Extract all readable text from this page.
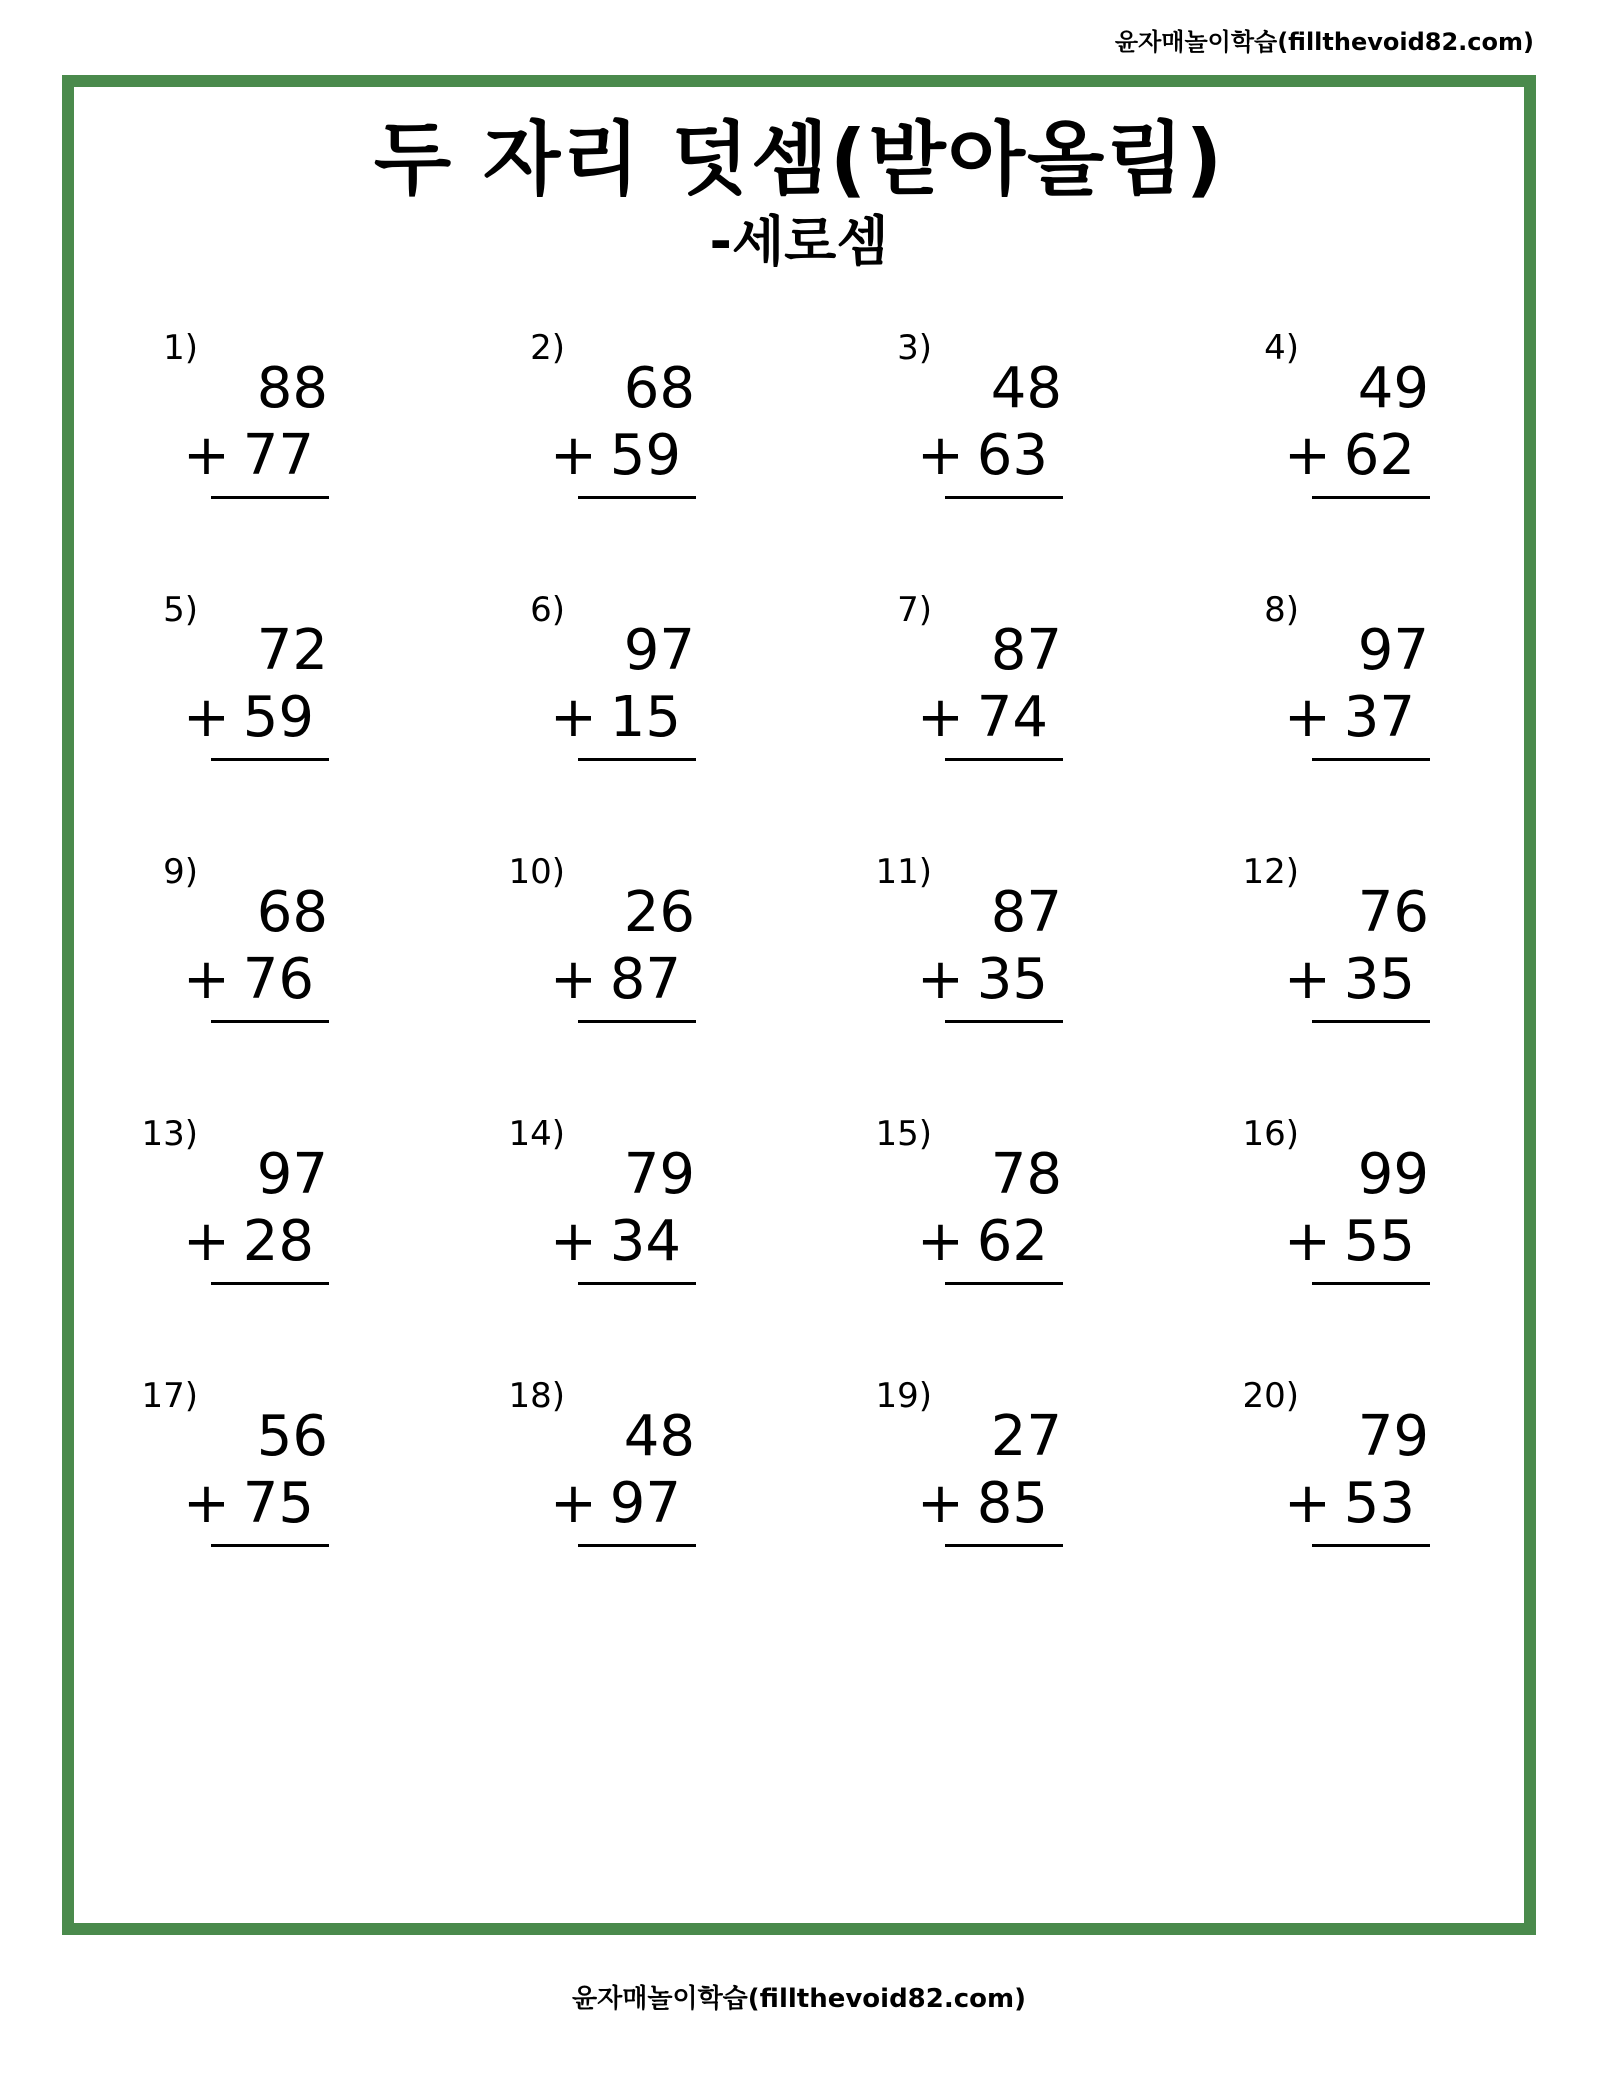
윤자매놀이학습(fillthevoid82.com)
두 자리 덧셈(받아올림)
-세로셈
1)
88
+ 77
2)
68
+ 59
3)
48
+ 63
4)
49
+ 62
5)
72
+ 59
6)
97
+ 15
7)
87
+ 74
8)
97
+ 37
9)
68
+ 76
10)
26
+ 87
11)
87
+ 35
12)
76
+ 35
13)
97
+ 28
14)
79
+ 34
15)
78
+ 62
16)
99
+ 55
17)
56
+ 75
18)
48
+ 97
19)
27
+ 85
20)
79
+ 53
윤자매놀이학습(fillthevoid82.com)
